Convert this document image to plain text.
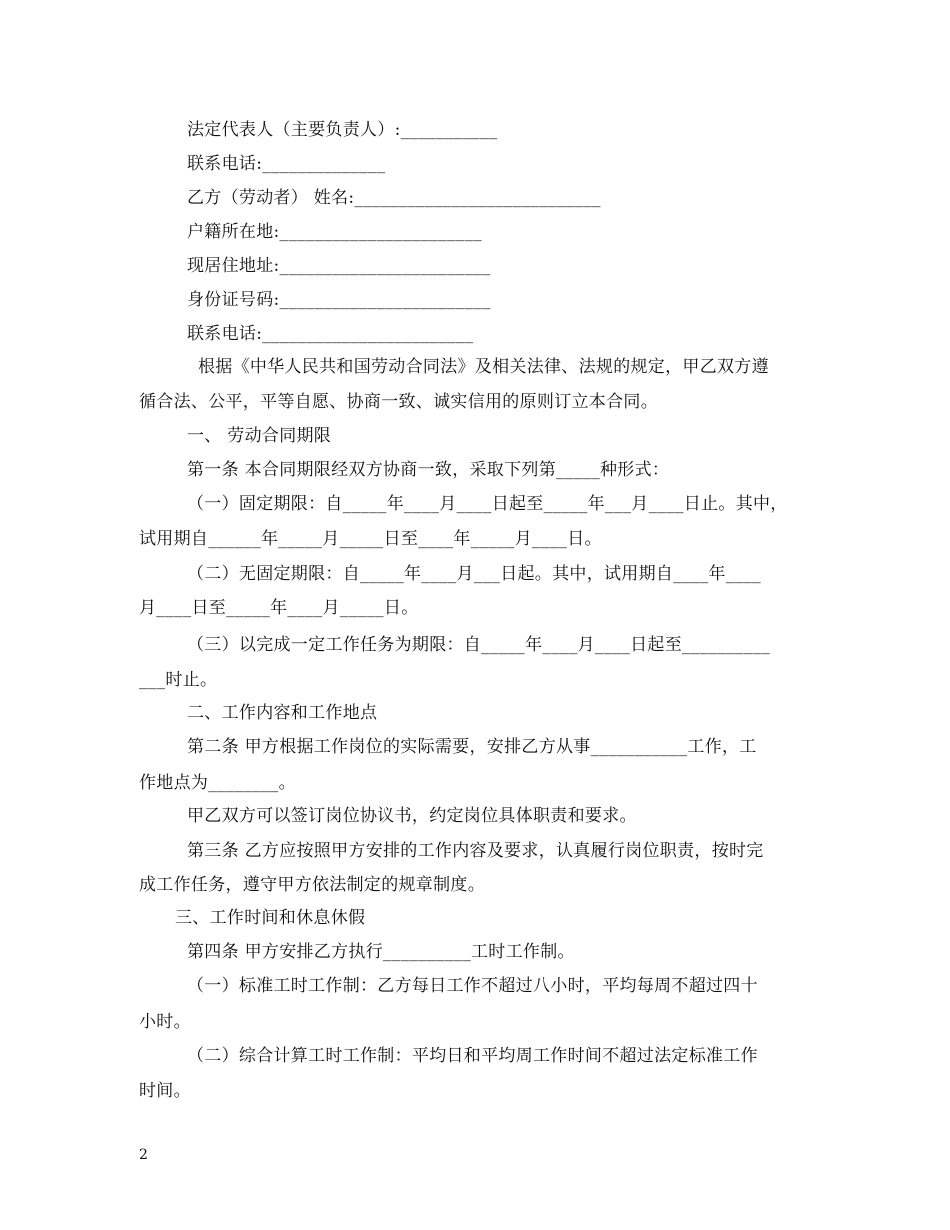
法定代表人（主要负责人）:___________
联系电话:______________
乙方（劳动者） 姓名:____________________________
户籍所在地:_______________________
现居住地址:________________________
身份证号码:________________________
联系电话:________________________
根据《中华人民共和国劳动合同法》及相关法律、法规的规定，甲乙双方遵
循合法、公平，平等自愿、协商一致、诚实信用的原则订立本合同。
一、 劳动合同期限
第一条 本合同期限经双方协商一致，采取下列第_____种形式：
（一）固定期限：自_____年____月____日起至_____年___月____日止。其中，
试用期自______年_____月_____日至____年_____月____日。
（二）无固定期限：自_____年____月___日起。其中，试用期自____年____
月____日至_____年____月_____日。
（三）以完成一定工作任务为期限：自_____年____月____日起至__________
___时止。
二、工作内容和工作地点
第二条 甲方根据工作岗位的实际需要，安排乙方从事___________工作，工
作地点为________。
甲乙双方可以签订岗位协议书，约定岗位具体职责和要求。
第三条 乙方应按照甲方安排的工作内容及要求，认真履行岗位职责，按时完
成工作任务，遵守甲方依法制定的规章制度。
三、工作时间和休息休假
第四条 甲方安排乙方执行__________工时工作制。
（一）标准工时工作制：乙方每日工作不超过八小时，平均每周不超过四十
小时。
（二）综合计算工时工作制：平均日和平均周工作时间不超过法定标准工作
时间。
2
